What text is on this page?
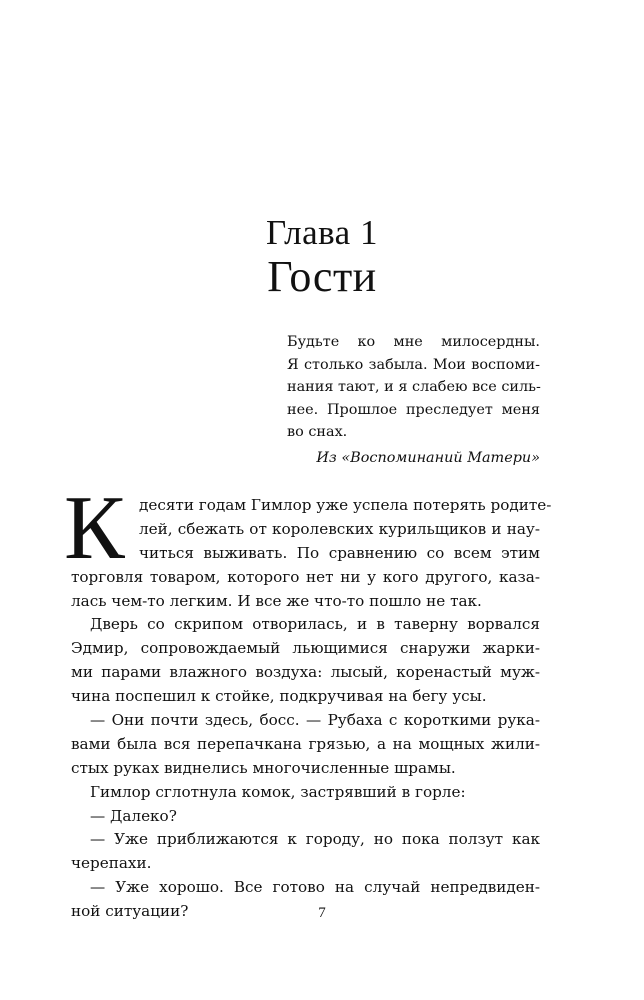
Глава 1
Гости
Будьте ко мне милосердны.
Я столько забыла. Мои воспоми-
нания тают, и я слабею все силь-
нее. Прошлое преследует меня
во снах.
Из «Воспоминаний Матери»
К десяти годам Гимлор уже успела потерять родите-
лей, сбежать от королевских курильщиков и нау-
читься выживать. По сравнению со всем этим
торговля товаром, которого нет ни у кого другого, каза-
лась чем-то легким. И все же что-то пошло не так.
Дверь со скрипом отворилась, и в таверну ворвался
Эдмир, сопровождаемый льющимися снаружи жарки-
ми парами влажного воздуха: лысый, коренастый муж-
чина поспешил к стойке, подкручивая на бегу усы.
— Они почти здесь, босс. — Рубаха с короткими рука-
вами была вся перепачкана грязью, а на мощных жили-
стых руках виднелись многочисленные шрамы.
Гимлор сглотнула комок, застрявший в горле:
— Далеко?
— Уже приближаются к городу, но пока ползут как
черепахи.
— Уже хорошо. Все готово на случай непредвиден-
ной ситуации?	7
